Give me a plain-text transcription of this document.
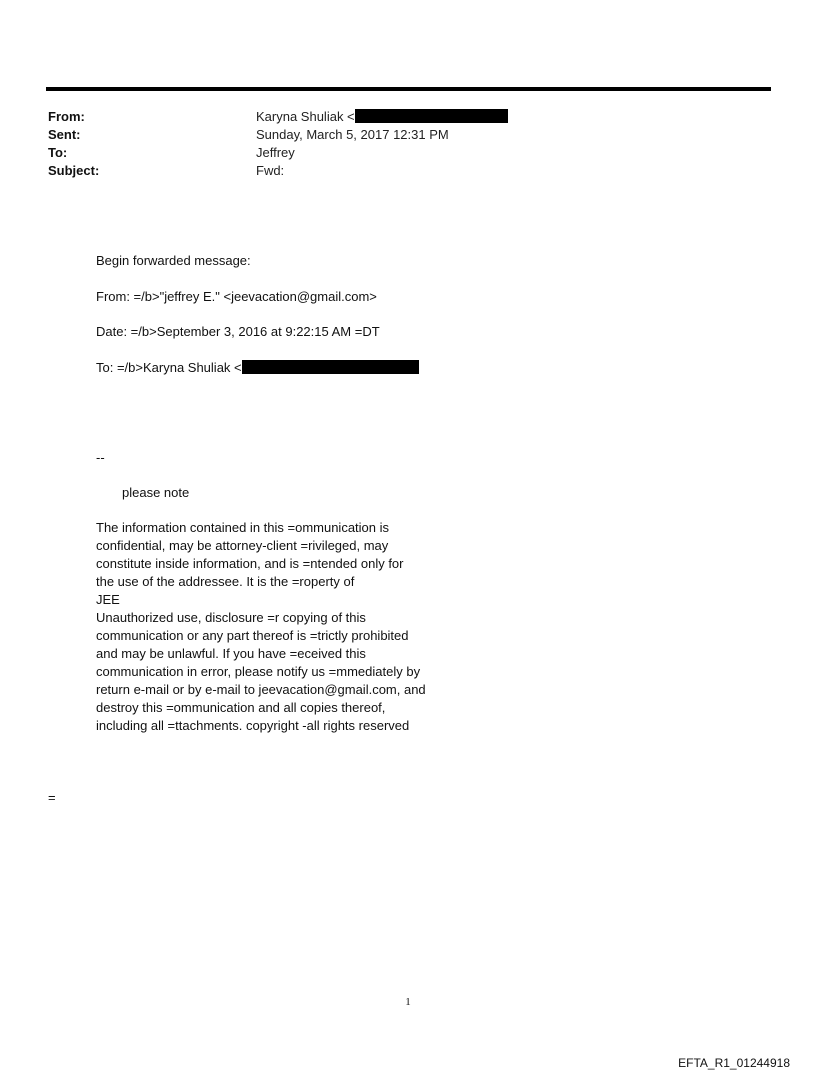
From:	Karyna Shuliak <
Sent:	Sunday, March 5, 2017 12:31 PM
To:	Jeffrey
Subject:	Fwd:
Begin forwarded message:
From: =/b>"jeffrey E." <jeevacation@gmail.com>
Date: =/b>September 3, 2016 at 9:22:15 AM =DT
To: =/b>Karyna Shuliak <
--
please note
The information contained in this =ommunication is
confidential, may be attorney-client =rivileged, may
constitute inside information, and is =ntended only for
the use of the addressee. It is the =roperty of
JEE
Unauthorized use, disclosure =r copying of this
communication or any part thereof is =trictly prohibited
and may be unlawful. If you have =eceived this
communication in error, please notify us =mmediately by
return e-mail or by e-mail to jeevacation@gmail.com, and
destroy this =ommunication and all copies thereof,
including all =ttachments. copyright -all rights reserved
=
1
EFTA_R1_01244918
